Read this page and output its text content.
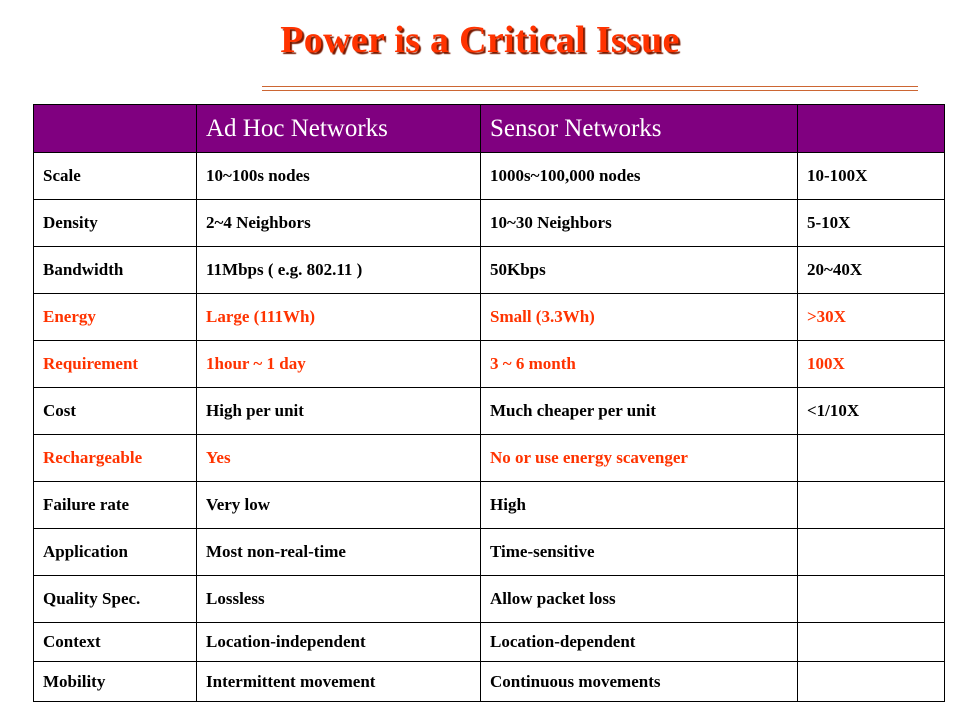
Power is a Critical Issue
	Ad Hoc Networks	Sensor Networks	
Scale	10~100s nodes	1000s~100,000 nodes	10-100X
Density	2~4 Neighbors	10~30 Neighbors	5-10X
Bandwidth	11Mbps ( e.g. 802.11 )	50Kbps	20~40X
Energy	Large (111Wh)	Small (3.3Wh)	>30X
Requirement	1hour ~ 1 day	3 ~ 6 month	100X
Cost	High per unit	Much cheaper per unit	<1/10X
Rechargeable	Yes	No or use energy scavenger	
Failure rate	Very low	High	
Application	Most non-real-time	Time-sensitive	
Quality Spec.	Lossless	Allow packet loss	
Context	Location-independent	Location-dependent	
Mobility	Intermittent movement	Continuous movements	
